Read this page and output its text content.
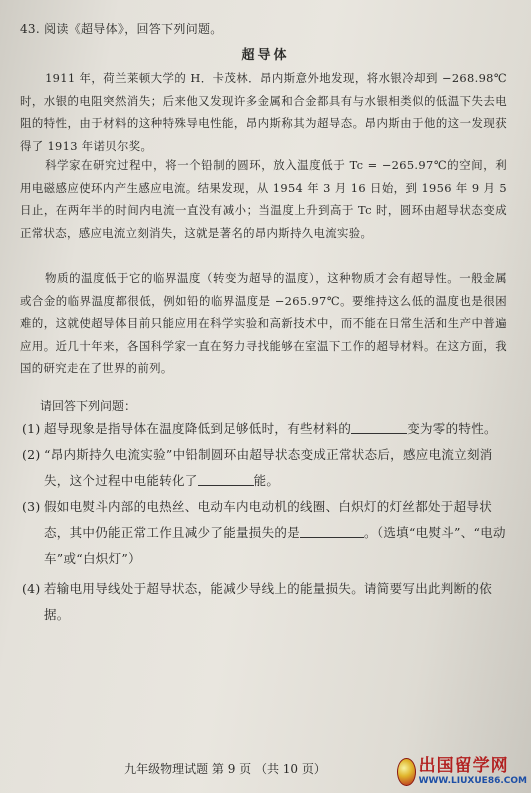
43. 阅读《超导体》，回答下列问题。
超导体

1911 年，荷兰莱顿大学的 H．卡茂林．昂内斯意外地发现，将水银冷却到 −268.98℃时，水银的电阻突然消失；后来他又发现许多金属和合金都具有与水银相类似的低温下失去电阻的特性，由于材料的这种特殊导电性能，昂内斯称其为超导态。昂内斯由于他的这一发现获得了 1913 年诺贝尔奖。

科学家在研究过程中，将一个铅制的圆环，放入温度低于 Tc = −265.97℃的空间，利用电磁感应使环内产生感应电流。结果发现，从 1954 年 3 月 16 日始，到 1956 年 9 月 5 日止，在两年半的时间内电流一直没有减小；当温度上升到高于 Tc 时，圆环由超导状态变成正常状态，感应电流立刻消失，这就是著名的昂内斯持久电流实验。

物质的温度低于它的临界温度（转变为超导的温度），这种物质才会有超导性。一般金属或合金的临界温度都很低，例如铅的临界温度是 −265.97℃。要维持这么低的温度也是很困难的，这就使超导体目前只能应用在科学实验和高新技术中，而不能在日常生活和生产中普遍应用。近几十年来，各国科学家一直在努力寻找能够在室温下工作的超导材料。在这方面，我国的研究走在了世界的前列。

请回答下列问题：
(1) 超导现象是指导体在温度降低到足够低时，有些材料的	变为零的特性。
(2) “昂内斯持久电流实验”中铅制圆环由超导状态变成正常状态后，感应电流立刻消失，这个过程中电能转化了	能。
(3) 假如电熨斗内部的电热丝、电动车内电动机的线圈、白炽灯的灯丝都处于超导状态，其中仍能正常工作且减少了能量损失的是	。（选填“电熨斗”、“电动车”或“白炽灯”）
(4) 若输电用导线处于超导状态，能减少导线上的能量损失。请简要写出此判断的依据。
九年级物理试题 第 9 页 （共 10 页）	出国留学网
WWW.LIUXUE86.COM
